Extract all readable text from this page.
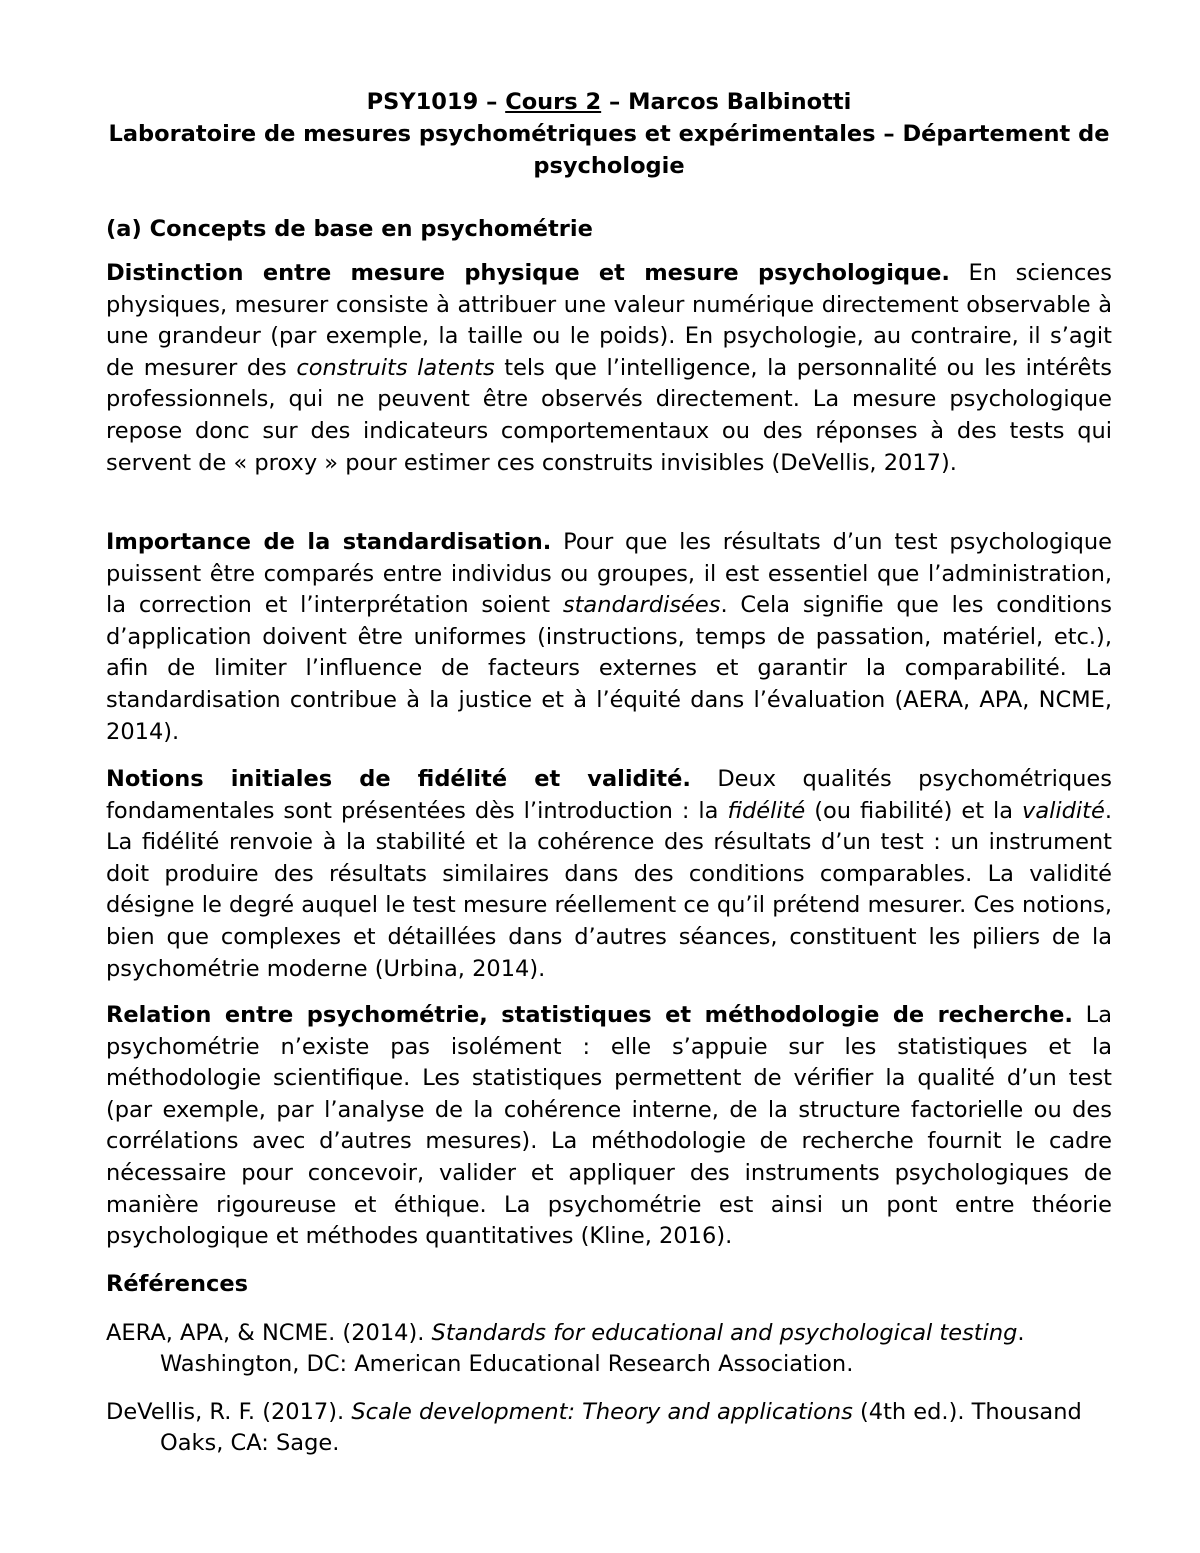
PSY1019 – Cours 2 – Marcos Balbinotti
Laboratoire de mesures psychométriques et expérimentales – Département de psychologie
(a) Concepts de base en psychométrie

Distinction entre mesure physique et mesure psychologique. En sciences physiques, mesurer consiste à attribuer une valeur numérique directement observable à une grandeur (par exemple, la taille ou le poids). En psychologie, au contraire, il s’agit de mesurer des construits latents tels que l’intelligence, la personnalité ou les intérêts professionnels, qui ne peuvent être observés directement. La mesure psychologique repose donc sur des indicateurs comportementaux ou des réponses à des tests qui servent de « proxy » pour estimer ces construits invisibles (DeVellis, 2017).

Importance de la standardisation. Pour que les résultats d’un test psychologique puissent être comparés entre individus ou groupes, il est essentiel que l’administration, la correction et l’interprétation soient standardisées. Cela signifie que les conditions d’application doivent être uniformes (instructions, temps de passation, matériel, etc.), afin de limiter l’influence de facteurs externes et garantir la comparabilité. La standardisation contribue à la justice et à l’équité dans l’évaluation (AERA, APA, NCME, 2014).

Notions initiales de fidélité et validité. Deux qualités psychométriques fondamentales sont présentées dès l’introduction : la fidélité (ou fiabilité) et la validité. La fidélité renvoie à la stabilité et la cohérence des résultats d’un test : un instrument doit produire des résultats similaires dans des conditions comparables. La validité désigne le degré auquel le test mesure réellement ce qu’il prétend mesurer. Ces notions, bien que complexes et détaillées dans d’autres séances, constituent les piliers de la psychométrie moderne (Urbina, 2014).

Relation entre psychométrie, statistiques et méthodologie de recherche. La psychométrie n’existe pas isolément : elle s’appuie sur les statistiques et la méthodologie scientifique. Les statistiques permettent de vérifier la qualité d’un test (par exemple, par l’analyse de la cohérence interne, de la structure factorielle ou des corrélations avec d’autres mesures). La méthodologie de recherche fournit le cadre nécessaire pour concevoir, valider et appliquer des instruments psychologiques de manière rigoureuse et éthique. La psychométrie est ainsi un pont entre théorie psychologique et méthodes quantitatives (Kline, 2016).

Références

AERA, APA, & NCME. (2014). Standards for educational and psychological testing. Washington, DC: American Educational Research Association.

DeVellis, R. F. (2017). Scale development: Theory and applications (4th ed.). Thousand Oaks, CA: Sage.
